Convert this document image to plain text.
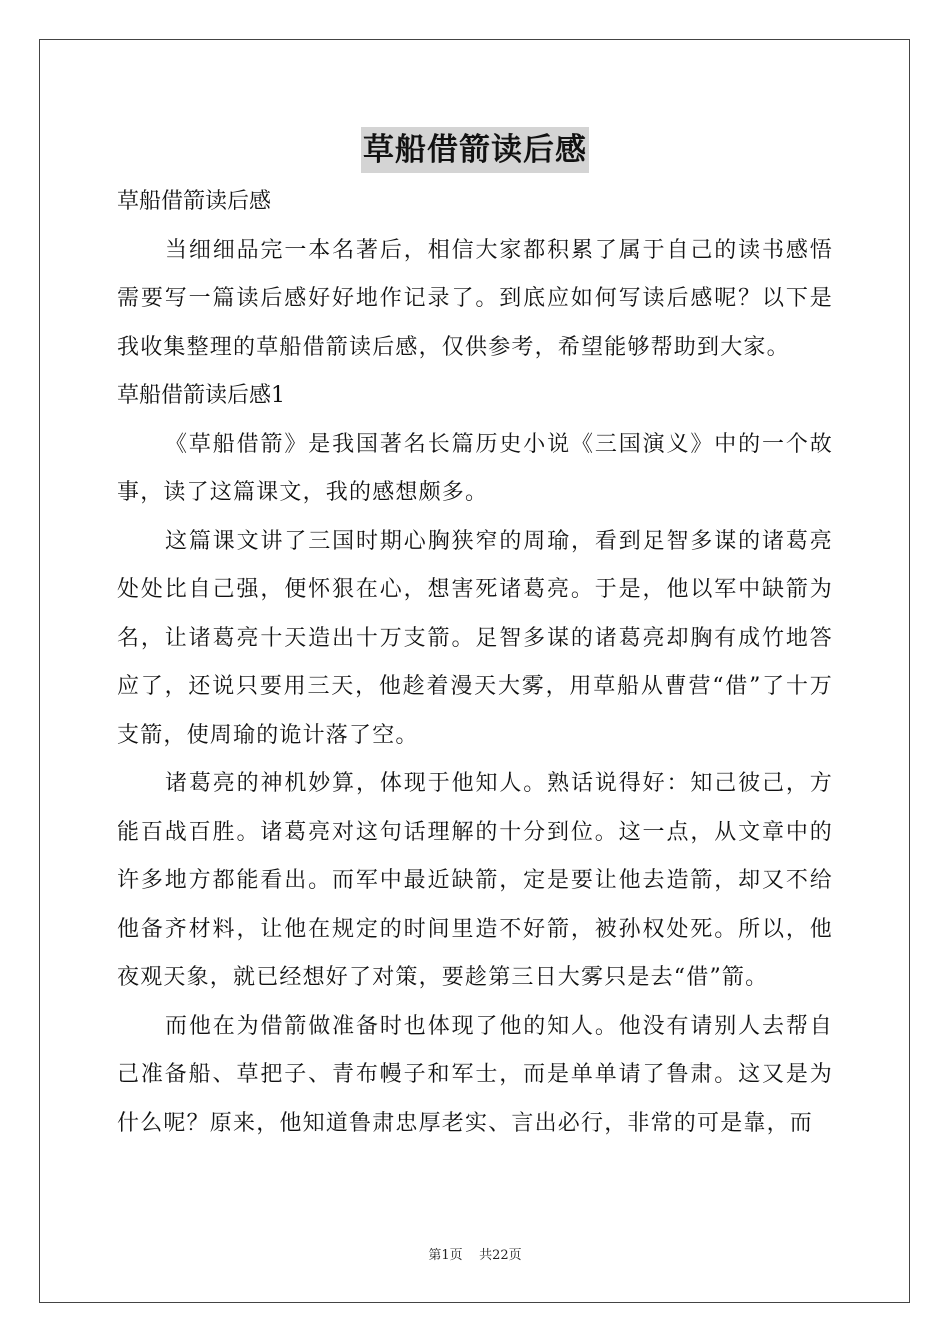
草船借箭读后感

草船借箭读后感

当细细品完一本名著后，相信大家都积累了属于自己的读书感悟需要写一篇读后感好好地作记录了。到底应如何写读后感呢？以下是我收集整理的草船借箭读后感，仅供参考，希望能够帮助到大家。

草船借箭读后感1

《草船借箭》是我国著名长篇历史小说《三国演义》中的一个故事，读了这篇课文，我的感想颇多。

这篇课文讲了三国时期心胸狭窄的周瑜，看到足智多谋的诸葛亮处处比自己强，便怀狠在心，想害死诸葛亮。于是，他以军中缺箭为名，让诸葛亮十天造出十万支箭。足智多谋的诸葛亮却胸有成竹地答应了，还说只要用三天，他趁着漫天大雾，用草船从曹营“借”了十万支箭，使周瑜的诡计落了空。

诸葛亮的神机妙算，体现于他知人。熟话说得好：知己彼己，方能百战百胜。诸葛亮对这句话理解的十分到位。这一点，从文章中的许多地方都能看出。而军中最近缺箭，定是要让他去造箭，却又不给他备齐材料，让他在规定的时间里造不好箭，被孙权处死。所以，他夜观天象，就已经想好了对策，要趁第三日大雾只是去“借”箭。

而他在为借箭做准备时也体现了他的知人。他没有请别人去帮自己准备船、草把子、青布幔子和军士，而是单单请了鲁肃。这又是为什么呢？原来，他知道鲁肃忠厚老实、言出必行，非常的可是靠，而

第1页    共22页
